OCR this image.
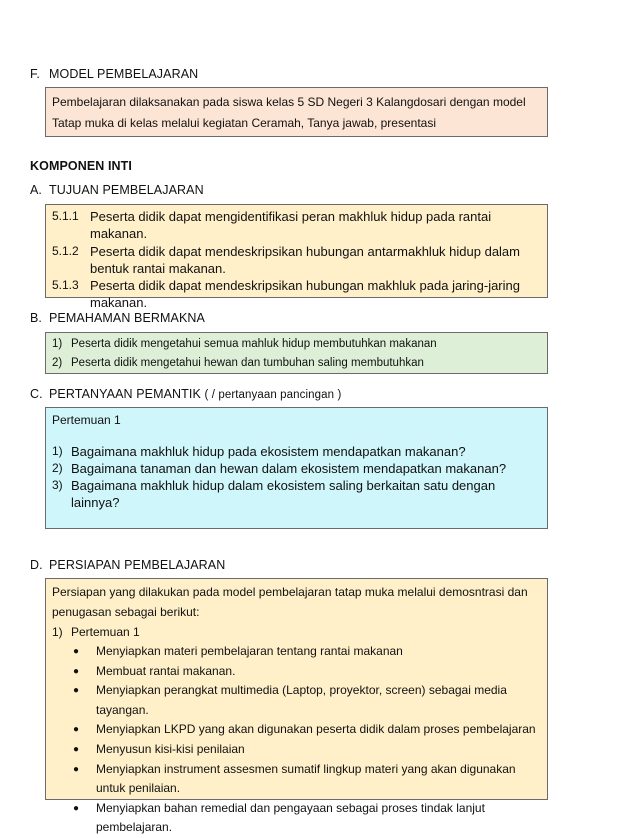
F. MODEL PEMBELAJARAN
Pembelajaran dilaksanakan pada siswa kelas 5 SD Negeri 3 Kalangdosari dengan model Tatap muka di kelas melalui kegiatan Ceramah, Tanya jawab, presentasi
KOMPONEN INTI
A. TUJUAN PEMBELAJARAN
5.1.1 Peserta didik dapat mengidentifikasi peran makhluk hidup pada rantai makanan.
5.1.2 Peserta didik dapat mendeskripsikan hubungan antarmakhluk hidup dalam bentuk rantai makanan.
5.1.3 Peserta didik dapat mendeskripsikan hubungan makhluk pada jaring-jaring makanan.
B. PEMAHAMAN BERMAKNA
1) Peserta didik mengetahui semua mahluk hidup membutuhkan makanan
2) Peserta didik mengetahui hewan dan tumbuhan saling membutuhkan
C. PERTANYAAN PEMANTIK ( / pertanyaan pancingan )
Pertemuan 1
1) Bagaimana makhluk hidup pada ekosistem mendapatkan makanan?
2) Bagaimana tanaman dan hewan dalam ekosistem mendapatkan makanan?
3) Bagaimana makhluk hidup dalam ekosistem saling berkaitan satu dengan lainnya?
D. PERSIAPAN PEMBELAJARAN
Persiapan yang dilakukan pada model pembelajaran tatap muka melalui demosntrasi dan penugasan sebagai berikut:
1) Pertemuan 1
●	Menyiapkan materi pembelajaran tentang rantai makanan
●	Membuat rantai makanan.
●	Menyiapkan perangkat multimedia (Laptop, proyektor, screen) sebagai media tayangan.
●	Menyiapkan LKPD yang akan digunakan peserta didik dalam proses pembelajaran
●	Menyusun kisi-kisi penilaian
●	Menyiapkan instrument assesmen sumatif lingkup materi yang akan digunakan untuk penilaian.
●	Menyiapkan bahan remedial dan pengayaan sebagai proses tindak lanjut pembelajaran.
